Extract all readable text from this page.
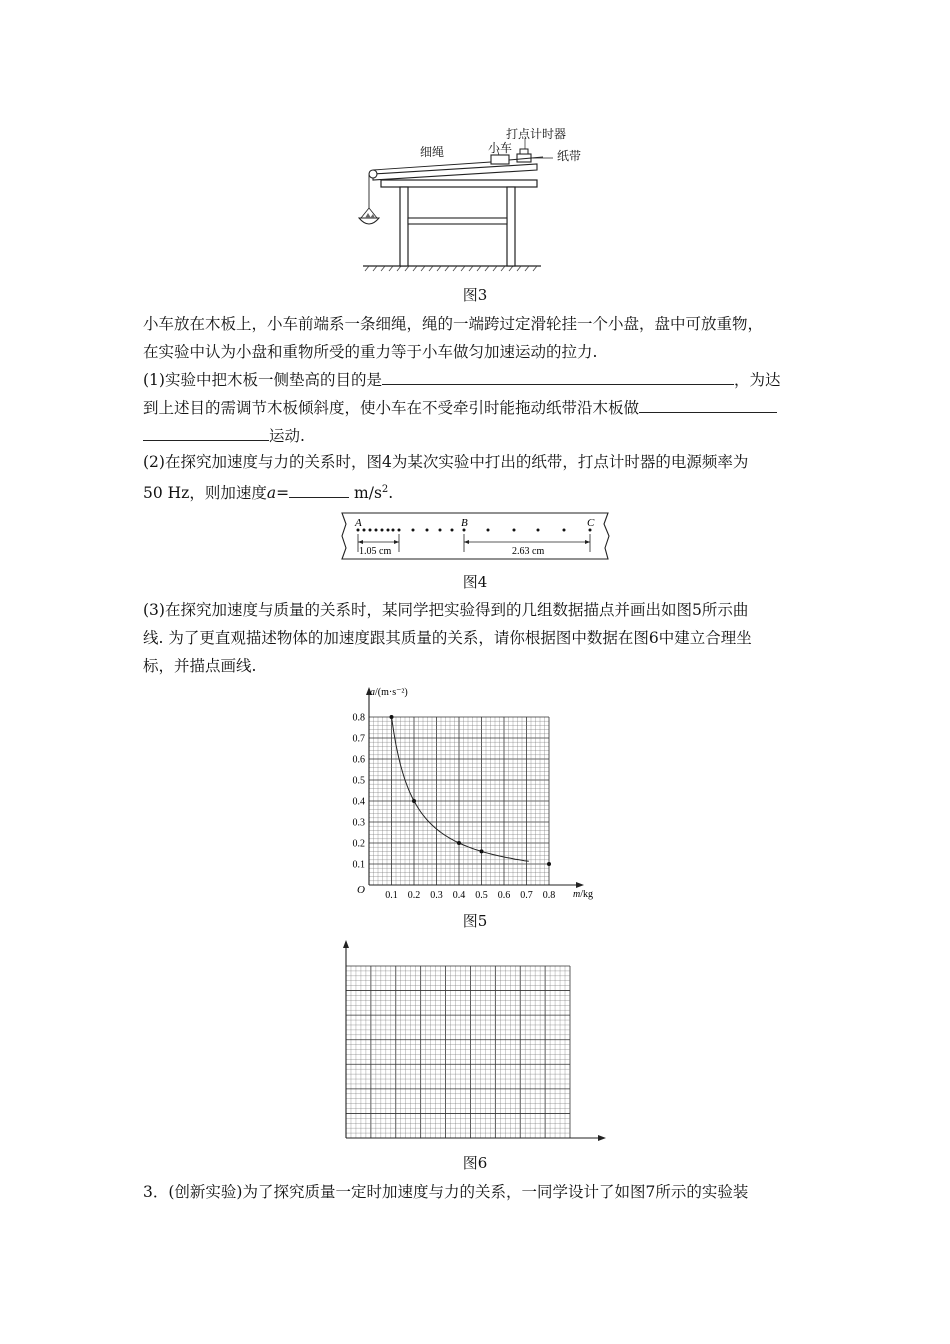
细绳	小车
打点计时器
纸带
图3
小车放在木板上，小车前端系一条细绳，绳的一端跨过定滑轮挂一个小盘，盘中可放重物，
在实验中认为小盘和重物所受的重力等于小车做匀加速运动的拉力.
(1)实验中把木板一侧垫高的目的是	，为达
到上述目的需调节木板倾斜度，使小车在不受牵引时能拖动纸带沿木板做
运动.
(2)在探究加速度与力的关系时，图4为某次实验中打出的纸带，打点计时器的电源频率为
50 Hz，则加速度a=	$m/s^2$.
A	B	C
1.05 cm	2.63 cm
图4
(3)在探究加速度与质量的关系时，某同学把实验得到的几组数据描点并画出如图5所示曲
线. 为了更直观描述物体的加速度跟其质量的关系，请你根据图中数据在图6中建立合理坐
标，并描点画线.
0.1 0.2 0.3 0.4 0.5 0.6 0.7 0.8
0.1
0.2
0.3
0.4
0.5
0.6
0.7
0.8
O
a/(m·s⁻²)
m/kg
图5
图6
3．(创新实验)为了探究质量一定时加速度与力的关系，一同学设计了如图7所示的实验装
